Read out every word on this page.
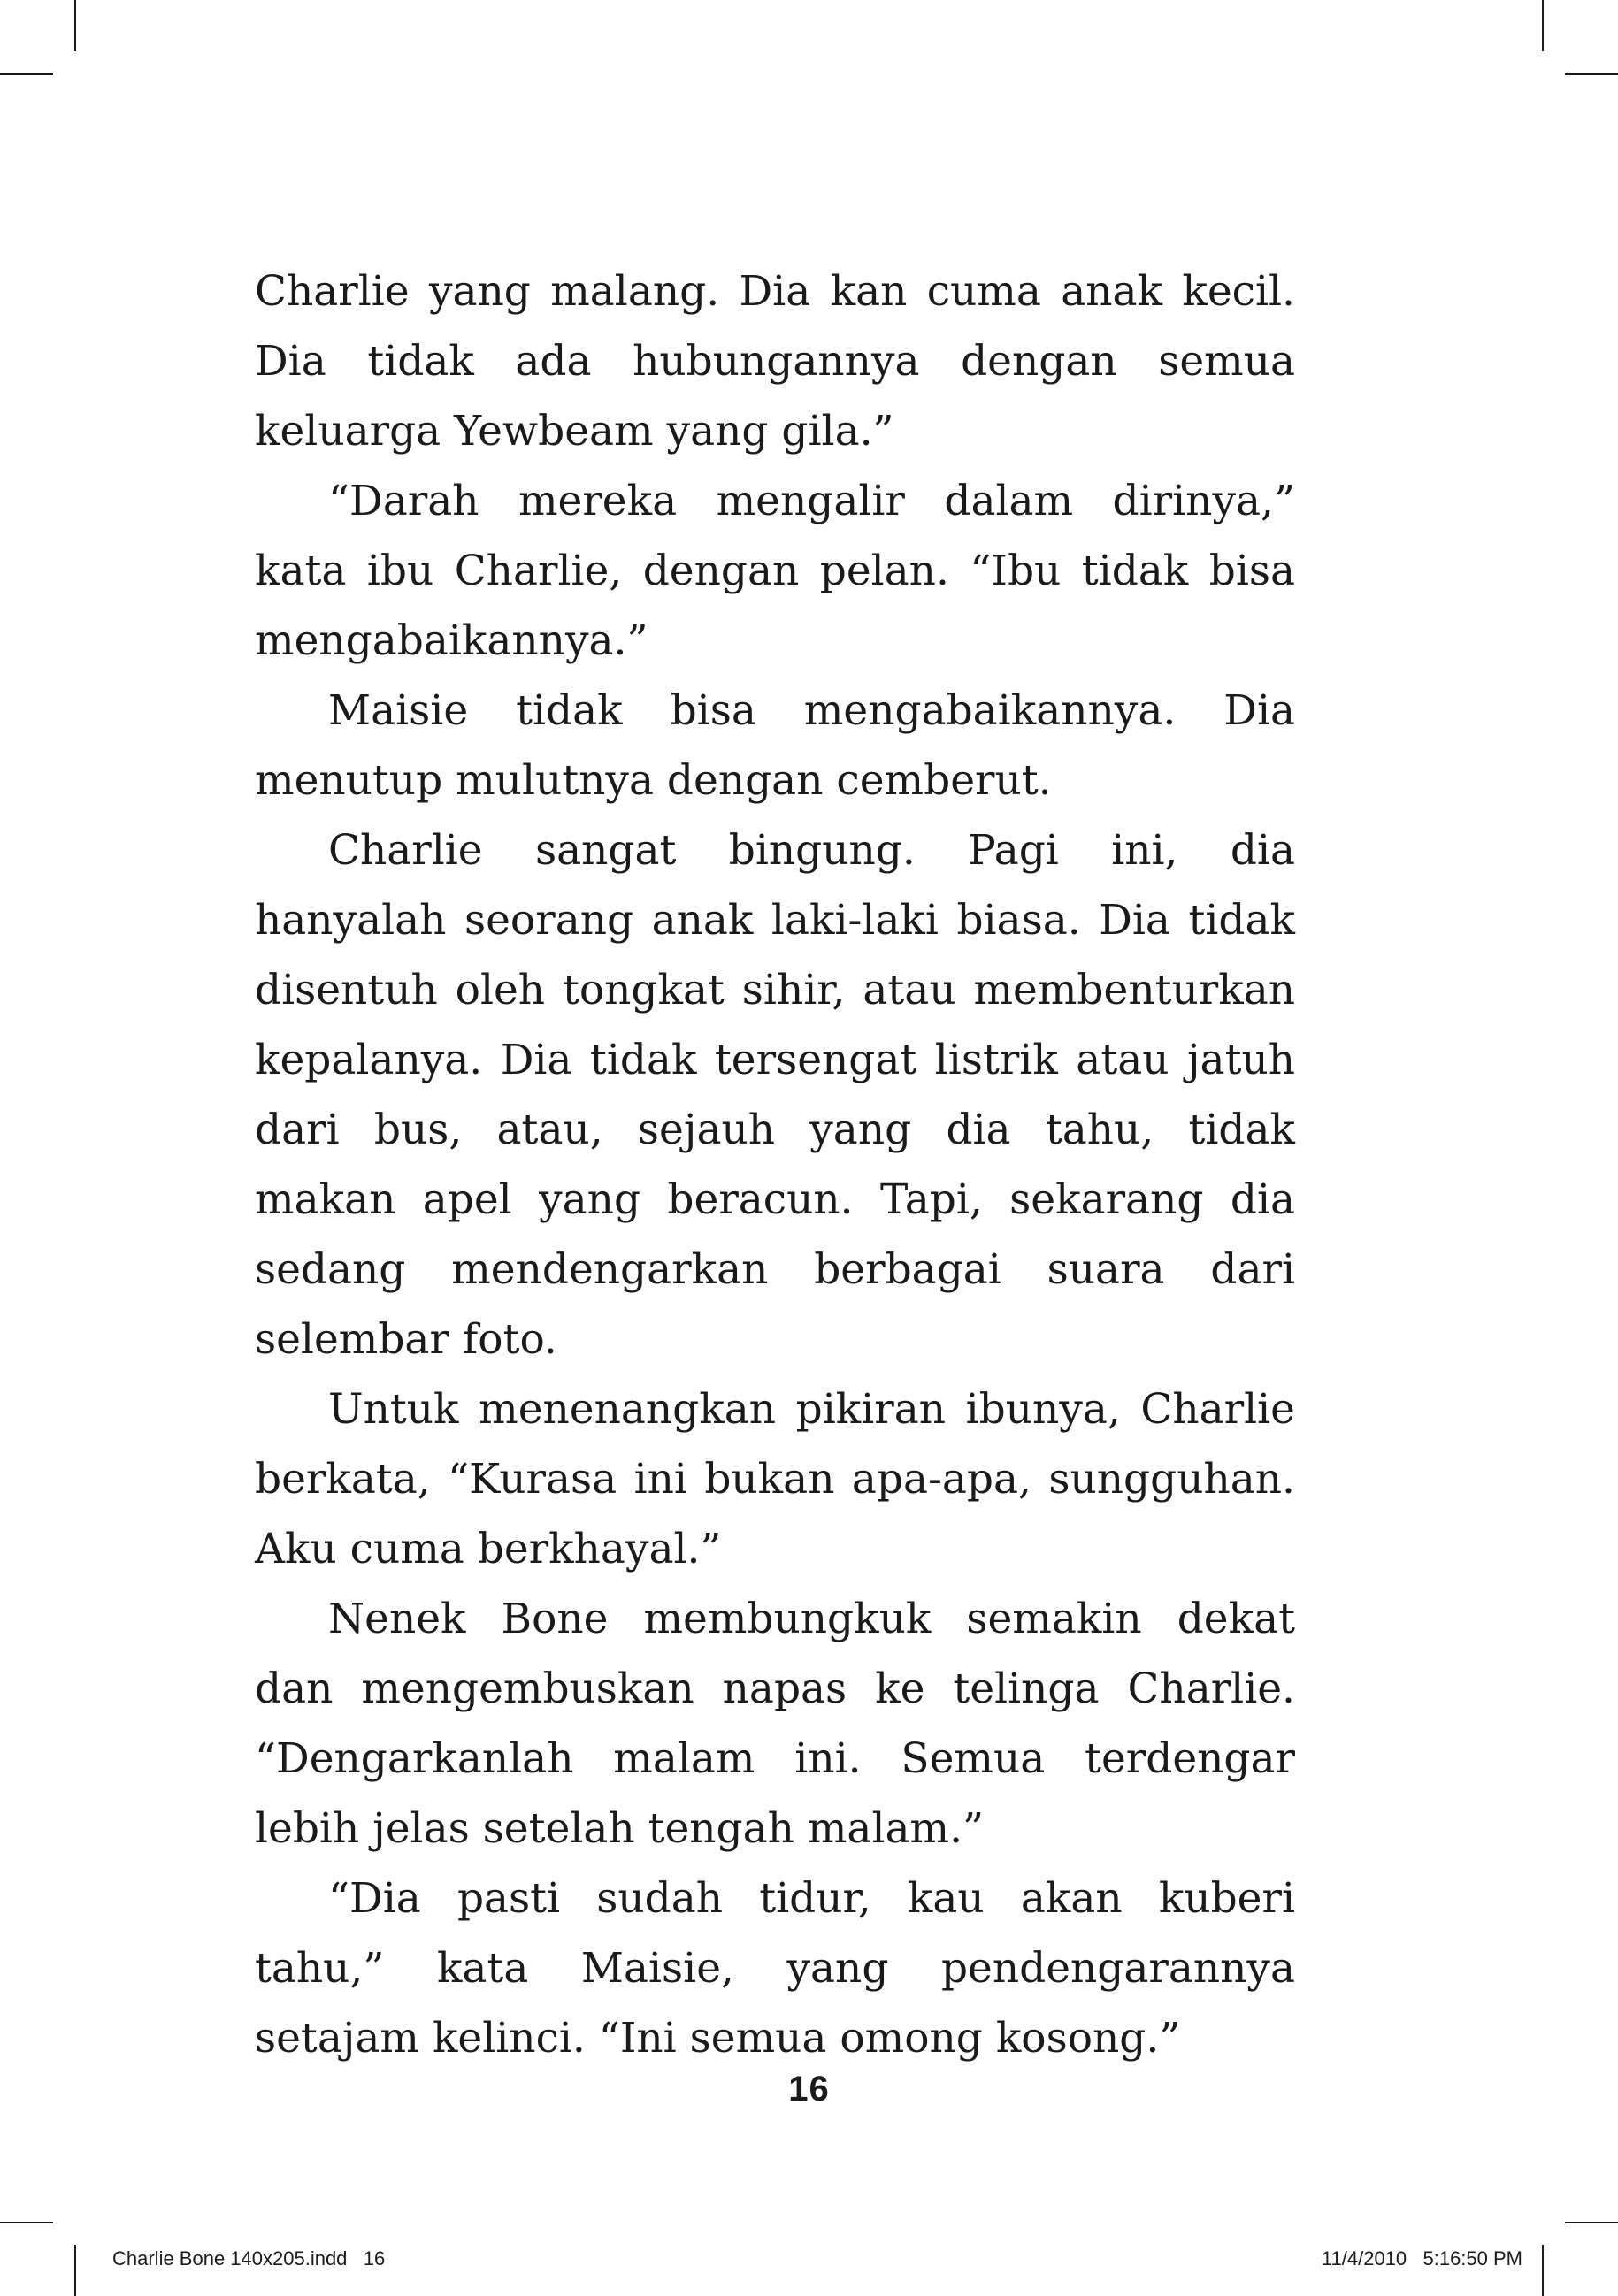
Charlie yang malang. Dia kan cuma anak kecil. Dia tidak ada hubungannya dengan semua keluarga Yewbeam yang gila.”

“Darah mereka mengalir dalam dirinya,” kata ibu Charlie, dengan pelan. “Ibu tidak bisa mengabaikannya.”

Maisie tidak bisa mengabaikannya. Dia menutup mulutnya dengan cemberut.

Charlie sangat bingung. Pagi ini, dia hanyalah seorang anak laki-laki biasa. Dia tidak disentuh oleh tongkat sihir, atau membenturkan kepalanya. Dia tidak tersengat listrik atau jatuh dari bus, atau, sejauh yang dia tahu, tidak makan apel yang beracun. Tapi, sekarang dia sedang mendengarkan berbagai suara dari selembar foto.

Untuk menenangkan pikiran ibunya, Charlie berkata, “Kurasa ini bukan apa-apa, sungguhan. Aku cuma berkhayal.”

Nenek Bone membungkuk semakin dekat dan mengembuskan napas ke telinga Charlie. “Dengarkanlah malam ini. Semua terdengar lebih jelas setelah tengah malam.”

“Dia pasti sudah tidur, kau akan kuberi tahu,” kata Maisie, yang pendengarannya setajam kelinci. “Ini semua omong kosong.”

16
Charlie Bone 140x205.indd   16	11/4/2010   5:16:50 PM
